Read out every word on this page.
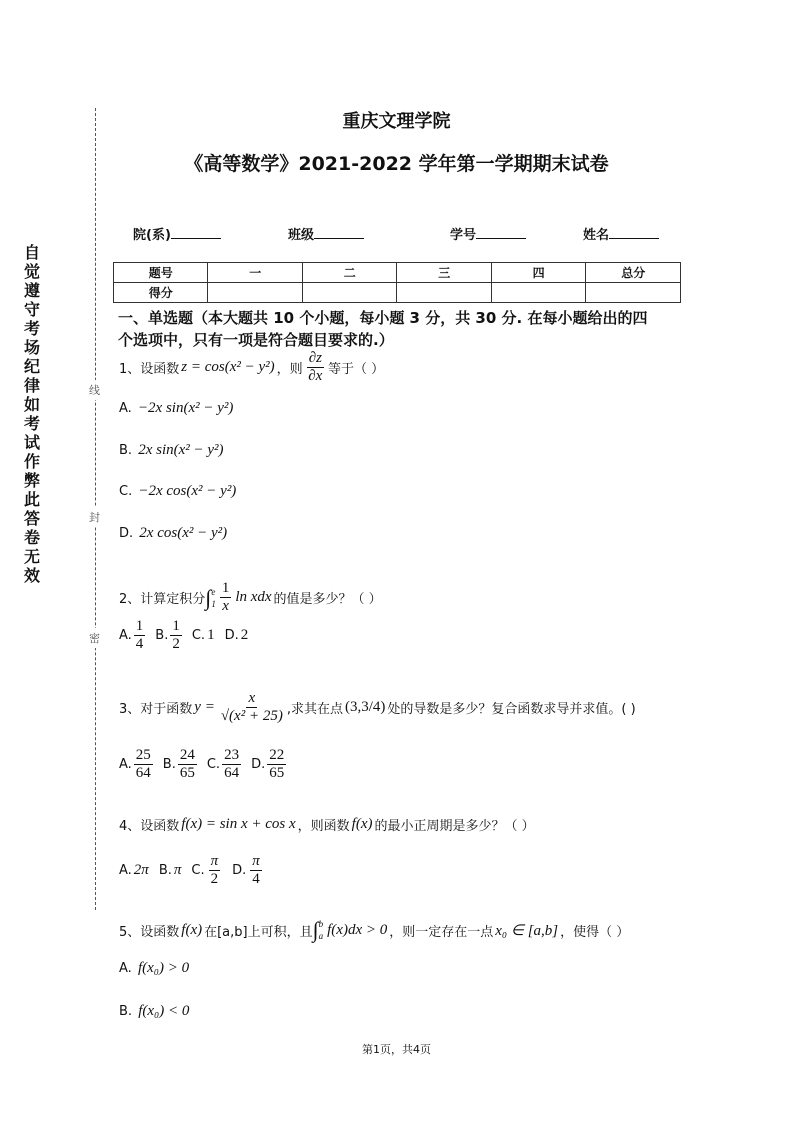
自觉遵守考场纪律如考试作弊此答卷无效
线
封
密
重庆文理学院
《高等数学》2021-2022 学年第一学期期末试卷
院(系)	班级	学号	姓名
题号	一	二	三	四	总分
得分					
一、单选题（本大题共 10 个小题，每小题 3 分，共 30 分. 在每小题给出的四
个选项中，只有一项是符合题目要求的.）
1、设函数 z = cos(x² − y²) ，则 $\frac{\partial z}{\partial x}$ 等于（ ）
A.
−2x sin(x² − y²)
B.
2x sin(x² − y²)
C.
−2x cos(x² − y²)
D.
2x cos(x² − y²)
2、计算定积分 ∫ e
$1 \frac{1}{x}$ ln xdx 的值是多少？（ ）
A. $\frac{1}{4} B$. $\frac{1}{2} C$. 1 D. 2
3、对于函数 $y = \frac{x}{\text{√(x² + 25)}}$ ,求其在点 (3,3/4) 处的导数是多少？复合函数求导并求值。( )
A. $\frac{25}{64} B$. $\frac{24}{65} C$. $\frac{23}{64} D$. $\frac{22}{65}$
4、设函数 f(x) = sin x + cos x ，则函数 f(x) 的最小正周期是多少？（ ）
A. 2π B. π C. $\frac{\pi}{2} D$. $\frac{\pi}{4}$
5、设函数 f(x) 在[a,b]上可积，且 ∫ b
a f(x)dx > 0 ，则一定存在一点 x₀ ∈ [a,b] ，使得（ ）
A.
f(x₀) > 0
B.
f(x₀) < 0
第1页，共4页
